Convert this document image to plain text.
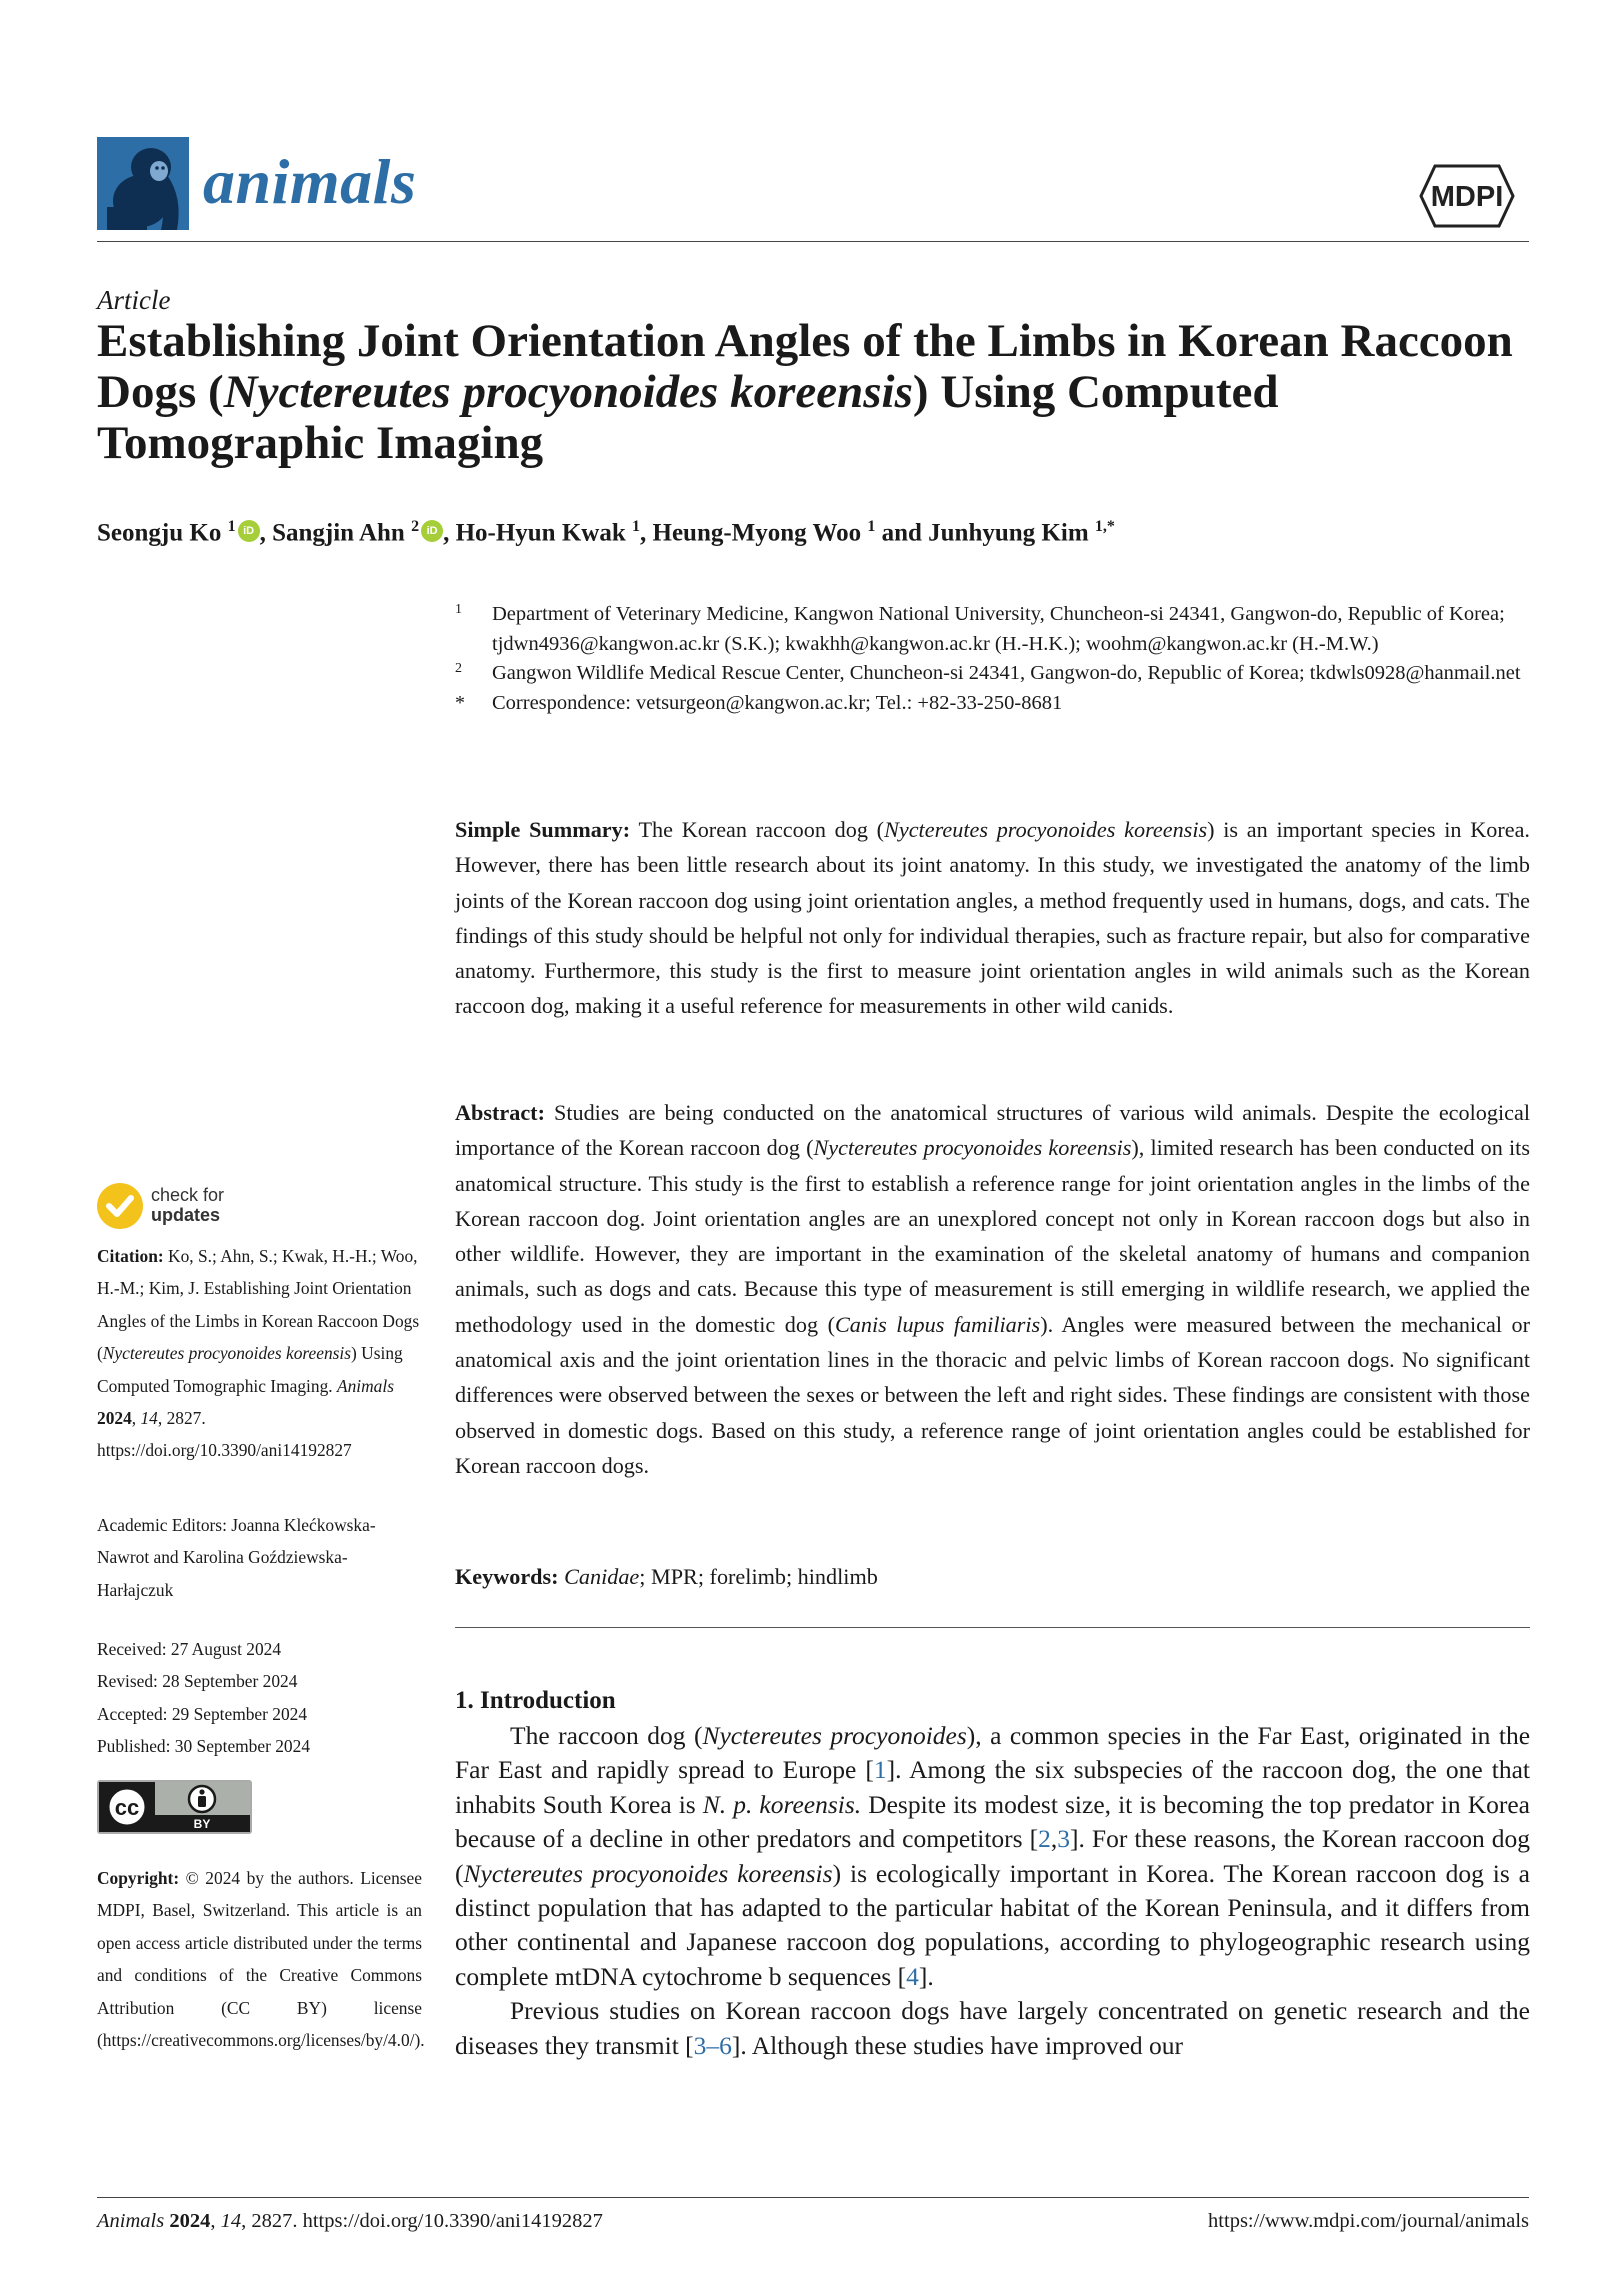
animals	MDPI
Article
Establishing Joint Orientation Angles of the Limbs in Korean Raccoon Dogs (Nyctereutes procyonoides koreensis) Using Computed Tomographic Imaging
Seongju Ko $^1$ iD , Sangjin Ahn $^2$ iD , Ho-Hyun Kwak $^1$, Heung-Myong Woo $^1$ and Junhyung Kim $^{1,*}$
1 Department of Veterinary Medicine, Kangwon National University, Chuncheon-si 24341, Gangwon-do, Republic of Korea; tjdwn4936@kangwon.ac.kr (S.K.); kwakhh@kangwon.ac.kr (H.-H.K.); woohm@kangwon.ac.kr (H.-M.W.)
2 Gangwon Wildlife Medical Rescue Center, Chuncheon-si 24341, Gangwon-do, Republic of Korea; tkdwls0928@hanmail.net
* Correspondence: vetsurgeon@kangwon.ac.kr; Tel.: +82-33-250-8681

Simple Summary: The Korean raccoon dog (Nyctereutes procyonoides koreensis) is an important species in Korea. However, there has been little research about its joint anatomy. In this study, we investigated the anatomy of the limb joints of the Korean raccoon dog using joint orientation angles, a method frequently used in humans, dogs, and cats. The findings of this study should be helpful not only for individual therapies, such as fracture repair, but also for comparative anatomy. Furthermore, this study is the first to measure joint orientation angles in wild animals such as the Korean raccoon dog, making it a useful reference for measurements in other wild canids.

Abstract: Studies are being conducted on the anatomical structures of various wild animals. Despite the ecological importance of the Korean raccoon dog (Nyctereutes procyonoides koreensis), limited research has been conducted on its anatomical structure. This study is the first to establish a reference range for joint orientation angles in the limbs of the Korean raccoon dog. Joint orientation angles are an unexplored concept not only in Korean raccoon dogs but also in other wildlife. However, they are important in the examination of the skeletal anatomy of humans and companion animals, such as dogs and cats. Because this type of measurement is still emerging in wildlife research, we applied the methodology used in the domestic dog (Canis lupus familiaris). Angles were measured between the mechanical or anatomical axis and the joint orientation lines in the thoracic and pelvic limbs of Korean raccoon dogs. No significant differences were observed between the sexes or between the left and right sides. These findings are consistent with those observed in domestic dogs. Based on this study, a reference range of joint orientation angles could be established for Korean raccoon dogs.

Keywords: Canidae; MPR; forelimb; hindlimb

1. Introduction

The raccoon dog (Nyctereutes procyonoides), a common species in the Far East, originated in the Far East and rapidly spread to Europe [1]. Among the six subspecies of the raccoon dog, the one that inhabits South Korea is N. p. koreensis. Despite its modest size, it is becoming the top predator in Korea because of a decline in other predators and competitors [2,3]. For these reasons, the Korean raccoon dog (Nyctereutes procyonoides koreensis) is ecologically important in Korea. The Korean raccoon dog is a distinct population that has adapted to the particular habitat of the Korean Peninsula, and it differs from other continental and Japanese raccoon dog populations, according to phylogeographic research using complete mtDNA cytochrome b sequences [4].

Previous studies on Korean raccoon dogs have largely concentrated on genetic research and the diseases they transmit [3–6]. Although these studies have improved our

check for
updates

Citation: Ko, S.; Ahn, S.; Kwak, H.-H.; Woo, H.-M.; Kim, J. Establishing Joint Orientation Angles of the Limbs in Korean Raccoon Dogs (Nyctereutes procyonoides koreensis) Using Computed Tomographic Imaging. Animals 2024, 14, 2827. https://doi.org/10.3390/ani14192827

Academic Editors: Joanna Klećkowska-Nawrot and Karolina Goździewska-Harłajczuk

Received: 27 August 2024

Revised: 28 September 2024

Accepted: 29 September 2024

Published: 30 September 2024

cc
BY

Copyright: © 2024 by the authors. Licensee MDPI, Basel, Switzerland. This article is an open access article distributed under the terms and conditions of the Creative Commons Attribution (CC BY) license (https://creativecommons.org/licenses/by/4.0/).

Animals 2024, 14, 2827. https://doi.org/10.3390/ani14192827	https://www.mdpi.com/journal/animals
